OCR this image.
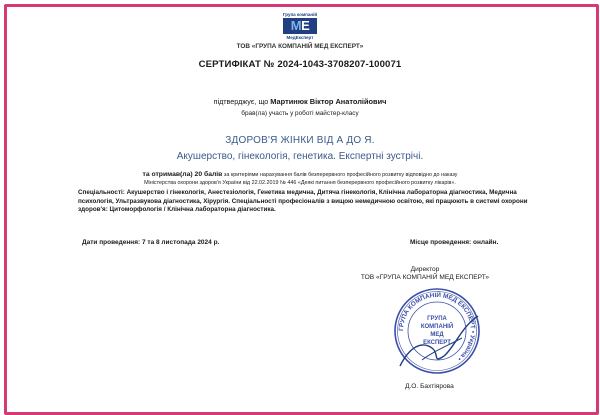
Група компаній
МЕ
МедЕксперт
ТОВ «ГРУПА КОМПАНІЙ МЕД ЕКСПЕРТ»
СЕРТИФІКАТ № 2024-1043-3708207-100071
підтверджує, що Мартинюк Віктор Анатолійович
брав(ла) участь у роботі майстер-класу
ЗДОРОВ'Я ЖІНКИ ВІД А ДО Я.
Акушерство, гінекологія, генетика. Експертні зустрічі.
та отримав(ла) 20 балів за критеріями нарахування балів безперервного професійного розвитку відповідно до наказу
Міністерства охорони здоров'я України від 22.02.2019 № 446 «Деякі питання безперервного професійного розвитку лікарів».
Спеціальності: Акушерство і гінекологія, Анестезіологія, Генетика медична, Дитяча гінекологія, Клінічна лабораторна діагностика, Медична психологія, Ультразвукова діагностика, Хірургія. Спеціальності професіоналів з вищою немедичною освітою, які працюють в системі охорони здоров'я: Цитоморфологія / Клінічна лабораторна діагностика.
Дати проведення: 7 та 8 листопада 2024 р.	Місце проведення: онлайн.
Директор
ТОВ «ГРУПА КОМПАНІЙ МЕД ЕКСПЕРТ»
ГРУПА КОМПАНІЙ МЕД ЕКСПЕРТ • Україна •
ГРУПА
КОМПАНІЙ
МЕД
ЕКСПЕРТ
Д.О. Бахтіярова
